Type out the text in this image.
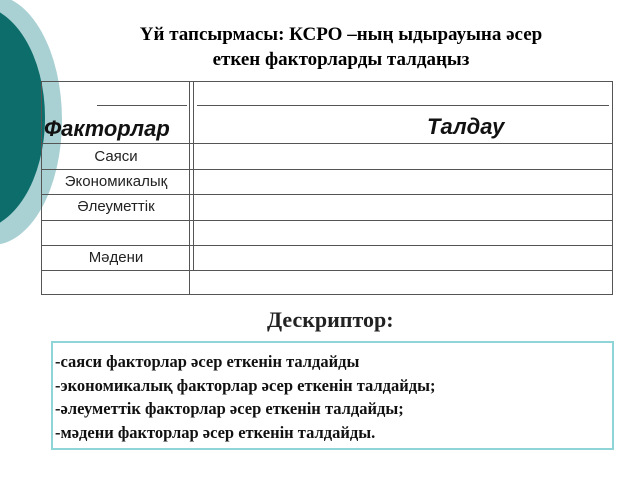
Үй тапсырмасы: КСРО –ның ыдырауына әсер
еткен факторларды талдаңыз
Факторлар	Талдау
Саяси
Экономикалық
Әлеуметтік
Мәдени
Дескриптор:
-саяси факторлар әсер еткенін талдайды
-экономикалық факторлар әсер еткенін талдайды;
-әлеуметтік факторлар әсер еткенін талдайды;
-мәдени факторлар әсер еткенін талдайды.
